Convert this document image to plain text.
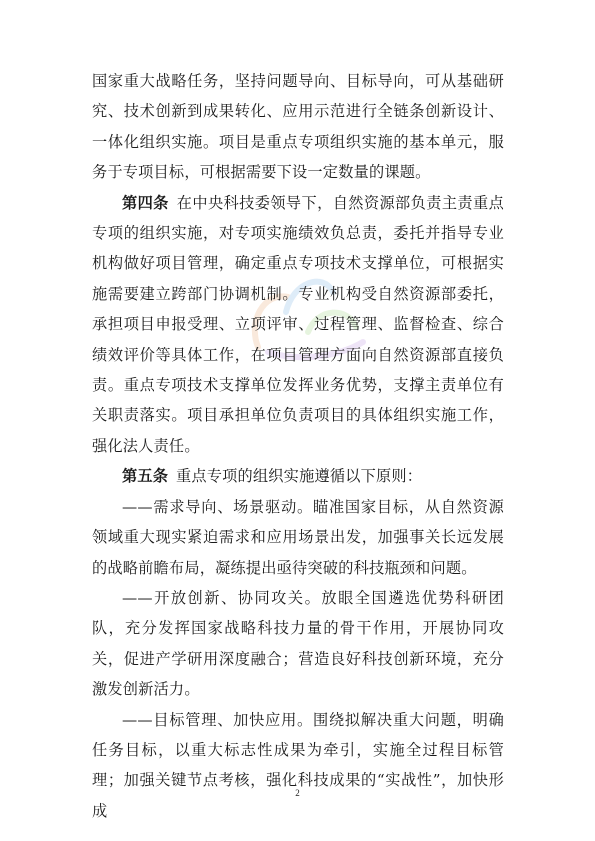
国家重大战略任务，坚持问题导向、目标导向，可从基础研究、技术创新到成果转化、应用示范进行全链条创新设计、一体化组织实施。项目是重点专项组织实施的基本单元，服务于专项目标，可根据需要下设一定数量的课题。

第四条  在中央科技委领导下，自然资源部负责主责重点专项的组织实施，对专项实施绩效负总责，委托并指导专业机构做好项目管理，确定重点专项技术支撑单位，可根据实施需要建立跨部门协调机制。专业机构受自然资源部委托，承担项目申报受理、立项评审、过程管理、监督检查、综合绩效评价等具体工作，在项目管理方面向自然资源部直接负责。重点专项技术支撑单位发挥业务优势，支撑主责单位有关职责落实。项目承担单位负责项目的具体组织实施工作，强化法人责任。

第五条  重点专项的组织实施遵循以下原则：

——需求导向、场景驱动。瞄准国家目标，从自然资源领域重大现实紧迫需求和应用场景出发，加强事关长远发展的战略前瞻布局，凝练提出亟待突破的科技瓶颈和问题。

——开放创新、协同攻关。放眼全国遴选优势科研团队，充分发挥国家战略科技力量的骨干作用，开展协同攻关，促进产学研用深度融合；营造良好科技创新环境，充分激发创新活力。

——目标管理、加快应用。围绕拟解决重大问题，明确任务目标，以重大标志性成果为牵引，实施全过程目标管理；加强关键节点考核，强化科技成果的“实战性”，加快形成

2
